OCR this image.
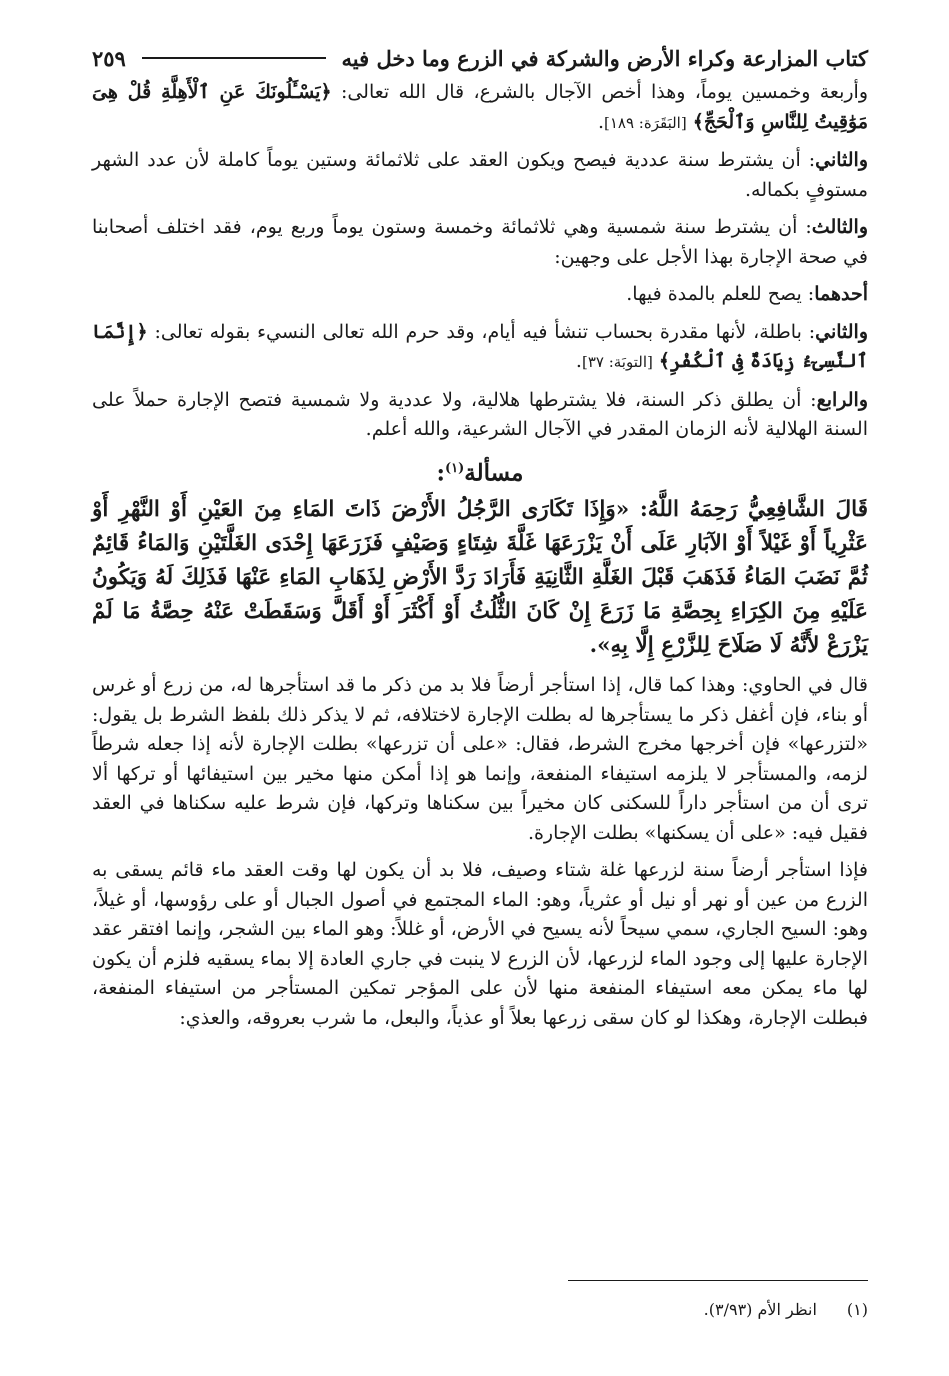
كتاب المزارعة وكراء الأرض والشركة في الزرع وما دخل فيه
٢٥٩

وأربعة وخمسين يوماً، وهذا أخص الآجال بالشرع، قال الله تعالى: ﴿يَسْـَٔلُونَكَ عَنِ ٱلْأَهِلَّةِ قُلْ هِىَ مَوَٰقِيتُ لِلنَّاسِ وَٱلْحَجِّ﴾ [البَقَرَة: ١٨٩].

والثاني: أن يشترط سنة عددية فيصح ويكون العقد على ثلاثمائة وستين يوماً كاملة لأن عدد الشهر مستوفٍ بكماله.

والثالث: أن يشترط سنة شمسية وهي ثلاثمائة وخمسة وستون يوماً وربع يوم، فقد اختلف أصحابنا في صحة الإجارة بهذا الأجل على وجهين:

أحدهما: يصح للعلم بالمدة فيها.

والثاني: باطلة، لأنها مقدرة بحساب تنشأ فيه أيام، وقد حرم الله تعالى النسيء بقوله تعالى: ﴿إِنَّمَا ٱلنَّسِىٓءُ زِيَادَةٌ فِى ٱلْكُفْرِ﴾ [التوبَة: ٣٧].

والرابع: أن يطلق ذكر السنة، فلا يشترطها هلالية، ولا عددية ولا شمسية فتصح الإجارة حملاً على السنة الهلالية لأنه الزمان المقدر في الآجال الشرعية، والله أعلم.

مسألة$^{(١)}$:

قَالَ الشَّافِعِيُّ رَحِمَهُ اللَّهُ: «وَإِذَا تَكَارَى الرَّجُلُ الأَرْضَ ذَاتَ المَاءِ مِنَ العَيْنِ أَوْ النَّهْرِ أَوْ عَثْرِياً أَوْ غَيْلاً أَوْ الآبَارِ عَلَى أَنْ يَزْرَعَهَا غَلَّةَ شِتَاءٍ وَصَيْفٍ فَزَرَعَهَا إِحْدَى الغَلَّتَيْنِ وَالمَاءُ قَائِمٌ ثُمَّ نَضَبَ المَاءُ فَذَهَبَ قَبْلَ الغَلَّةِ الثَّانِيَةِ فَأَرَادَ رَدَّ الأَرْضِ لِذَهَابِ المَاءِ عَنْهَا فَذَلِكَ لَهُ وَيَكُونُ عَلَيْهِ مِنَ الكِرَاءِ بِحِصَّةِ مَا زَرَعَ إِنْ كَانَ الثُّلُثُ أَوْ أَكْثَرَ أَوْ أَقَلَّ وَسَقَطَتْ عَنْهُ حِصَّةُ مَا لَمْ يَزْرَعْ لأَنَّهُ لَا صَلَاحَ لِلزَّرْعِ إِلَّا بِهِ».

قال في الحاوي: وهذا كما قال، إذا استأجر أرضاً فلا بد من ذكر ما قد استأجرها له، من زرع أو غرس أو بناء، فإن أغفل ذكر ما يستأجرها له بطلت الإجارة لاختلافه، ثم لا يذكر ذلك بلفظ الشرط بل يقول: «لتزرعها» فإن أخرجها مخرج الشرط، فقال: «على أن تزرعها» بطلت الإجارة لأنه إذا جعله شرطاً لزمه، والمستأجر لا يلزمه استيفاء المنفعة، وإنما هو إذا أمكن منها مخير بين استيفائها أو تركها ألا ترى أن من استأجر داراً للسكنى كان مخيراً بين سكناها وتركها، فإن شرط عليه سكناها في العقد فقيل فيه: «على أن يسكنها» بطلت الإجارة.

فإذا استأجر أرضاً سنة لزرعها غلة شتاء وصيف، فلا بد أن يكون لها وقت العقد ماء قائم يسقى به الزرع من عين أو نهر أو نيل أو عثرياً، وهو: الماء المجتمع في أصول الجبال أو على رؤوسها، أو غيلاً، وهو: السيح الجاري، سمي سيحاً لأنه يسيح في الأرض، أو غللاً: وهو الماء بين الشجر، وإنما افتقر عقد الإجارة عليها إلى وجود الماء لزرعها، لأن الزرع لا ينبت في جاري العادة إلا بماء يسقيه فلزم أن يكون لها ماء يمكن معه استيفاء المنفعة منها لأن على المؤجر تمكين المستأجر من استيفاء المنفعة، فبطلت الإجارة، وهكذا لو كان سقى زرعها بعلاً أو عذياً، والبعل، ما شرب بعروقه، والعذي:

(١)انظر الأم (٣/٩٣).
